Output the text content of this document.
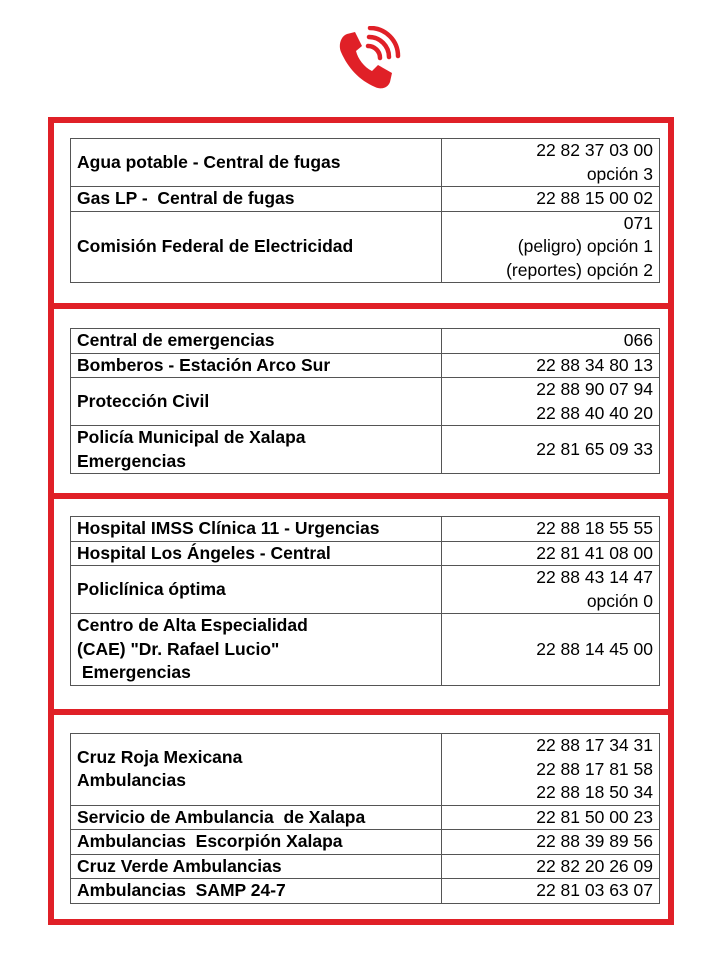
Agua potable - Central de fugas	22 82 37 03 00
opción 3

Gas LP -  Central de fugas	22 88 15 00 02

Comisión Federal de Electricidad	071
(peligro) opción 1
(reportes) opción 2
Central de emergencias	066

Bomberos - Estación Arco Sur	22 88 34 80 13

Protección Civil	22 88 90 07 94
22 88 40 40 20

Policía Municipal de Xalapa
Emergencias	22 81 65 09 33
Hospital IMSS Clínica 11 - Urgencias	22 88 18 55 55

Hospital Los Ángeles - Central	22 81 41 08 00

Policlínica óptima	22 88 43 14 47
opción 0

Centro de Alta Especialidad
(CAE) "Dr. Rafael Lucio"
Emergencias	22 88 14 45 00
Cruz Roja Mexicana
Ambulancias	22 88 17 34 31
22 88 17 81 58
22 88 18 50 34

Servicio de Ambulancia  de Xalapa	22 81 50 00 23

Ambulancias  Escorpión Xalapa	22 88 39 89 56

Cruz Verde Ambulancias	22 82 20 26 09

Ambulancias  SAMP 24-7	22 81 03 63 07
